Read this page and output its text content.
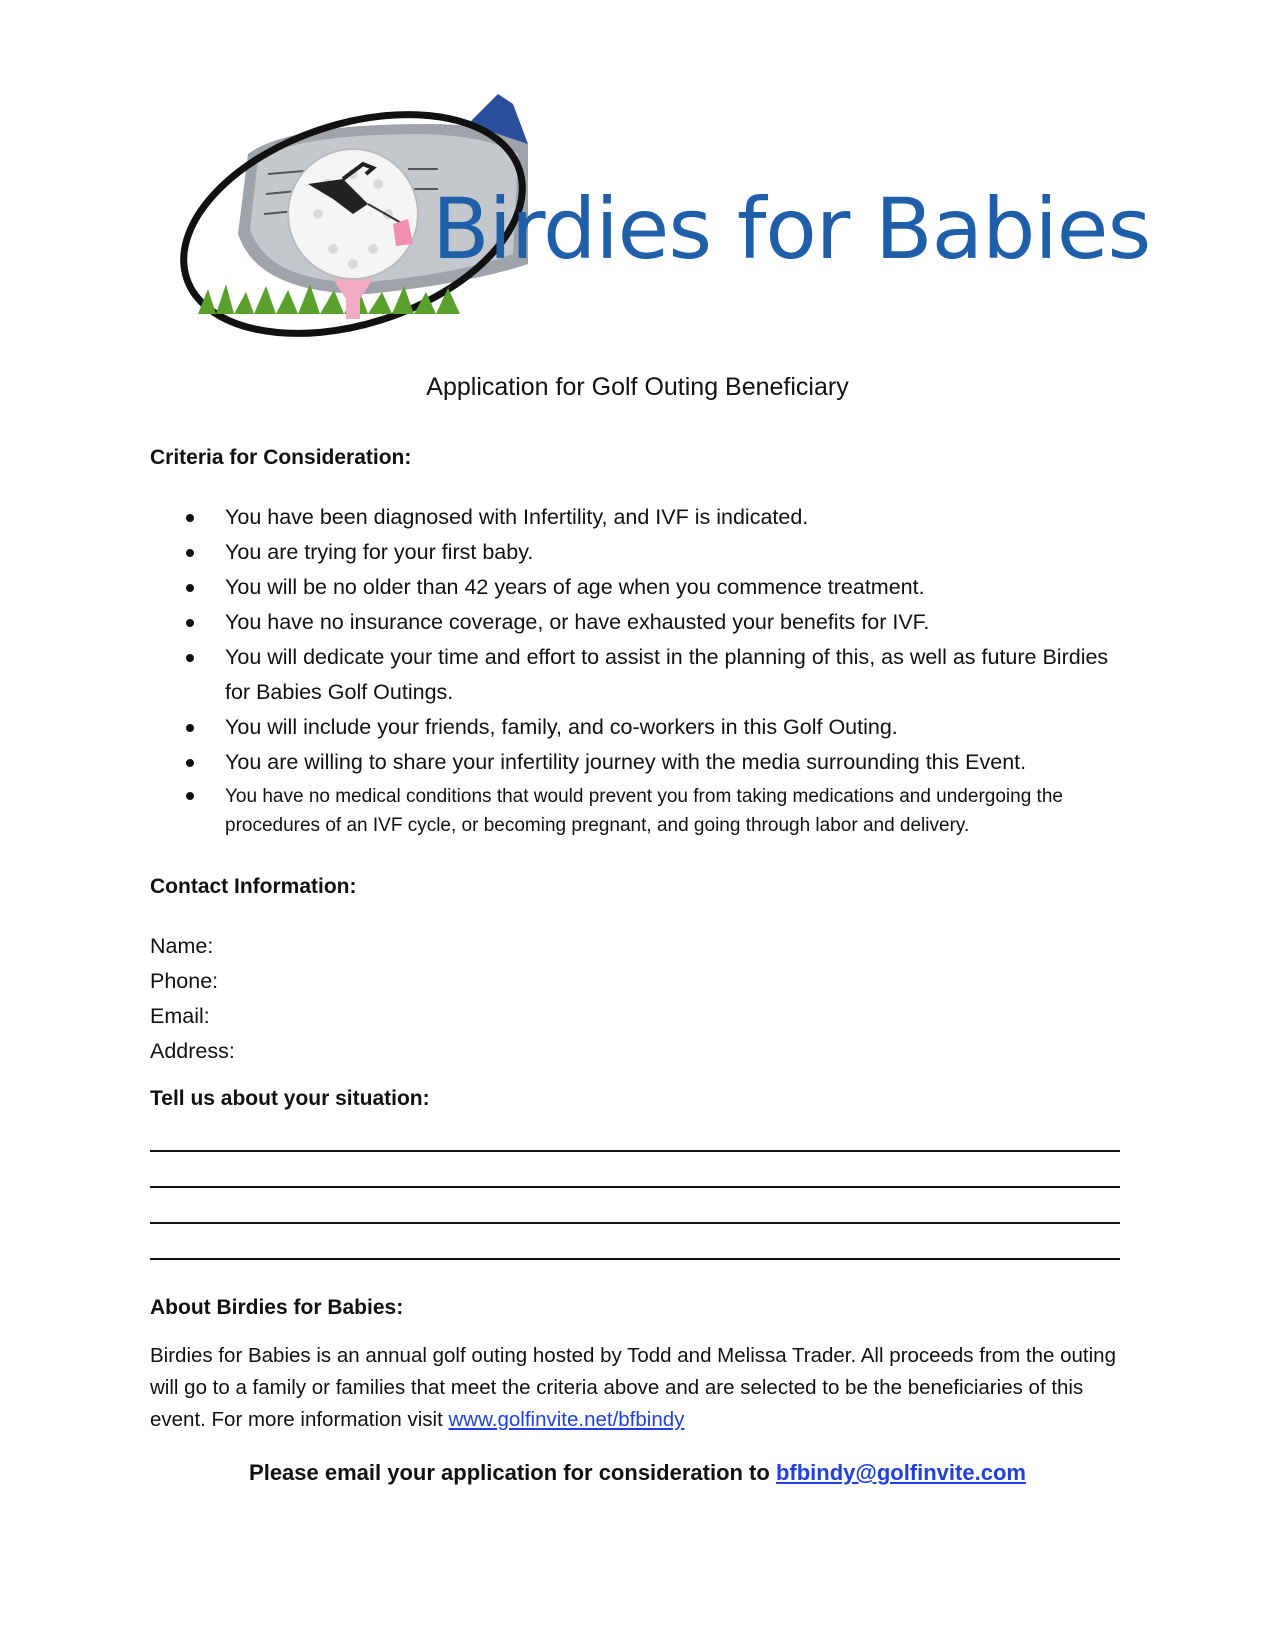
Birdies for Babies
Application for Golf Outing Beneficiary
Criteria for Consideration:
You have been diagnosed with Infertility, and IVF is indicated.
You are trying for your first baby.
You will be no older than 42 years of age when you commence treatment.
You have no insurance coverage, or have exhausted your benefits for IVF.
You will dedicate your time and effort to assist in the planning of this, as well as future Birdies for Babies Golf Outings.
You will include your friends, family, and co-workers in this Golf Outing.
You are willing to share your infertility journey with the media surrounding this Event.
You have no medical conditions that would prevent you from taking medications and undergoing the procedures of an IVF cycle, or becoming pregnant, and going through labor and delivery.
Contact Information:
Name:
Phone:
Email:
Address:
Tell us about your situation:
About Birdies for Babies:
Birdies for Babies is an annual golf outing hosted by Todd and Melissa Trader. All proceeds from the outing will go to a family or families that meet the criteria above and are selected to be the beneficiaries of this event. For more information visit www.golfinvite.net/bfbindy
Please email your application for consideration to bfbindy@golfinvite.com
